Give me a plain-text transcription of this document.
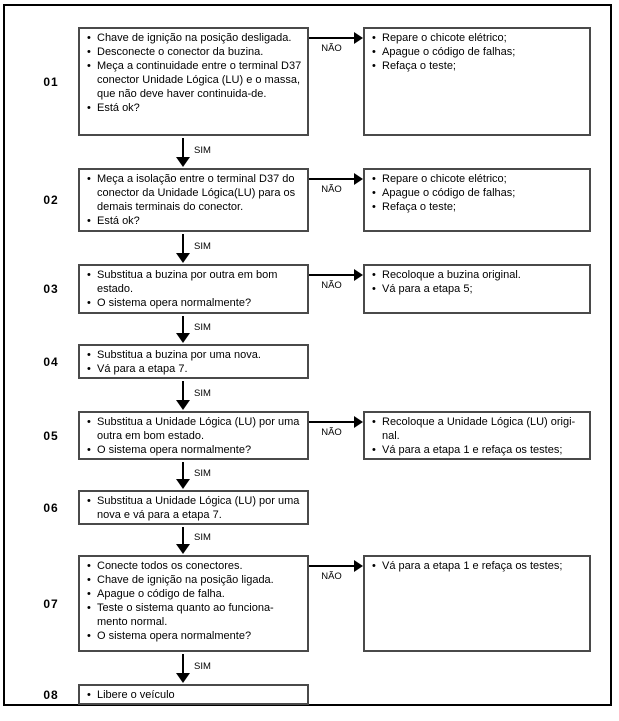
01
• Chave de ignição na posição desligada.
• Desconecte o conector da buzina.
• Meça a continuidade entre o terminal D37 conector Unidade Lógica (LU) e o massa, que não deve haver continuida-de.
• Está ok?
NÃO
• Repare o chicote elétrico;
• Apague o código de falhas;
• Refaça o teste;
SIM
02
• Meça a isolação entre o terminal D37 do conector da Unidade Lógica(LU) para os demais terminais do conector.
• Está ok?
NÃO
• Repare o chicote elétrico;
• Apague o código de falhas;
• Refaça o teste;
SIM
03
• Substitua a buzina por outra em bom estado.
• O sistema opera normalmente?
NÃO
• Recoloque a buzina original.
• Vá para a etapa 5;
SIM
04	• Substitua a buzina por uma nova.
• Vá para a etapa 7.
SIM
05
• Substitua a Unidade Lógica (LU) por uma outra em bom estado.
• O sistema opera normalmente?
NÃO
• Recoloque a Unidade Lógica (LU) origi-nal.
• Vá para a etapa 1 e refaça os testes;
SIM
06	• Substitua a Unidade Lógica (LU) por uma nova e vá para a etapa 7.
SIM
07
• Conecte todos os conectores.
• Chave de ignição na posição ligada.
• Apague o código de falha.
• Teste o sistema quanto ao funciona-mento normal.
• O sistema opera normalmente?
NÃO
• Vá para a etapa 1 e refaça os testes;
SIM
08	• Libere o veículo
